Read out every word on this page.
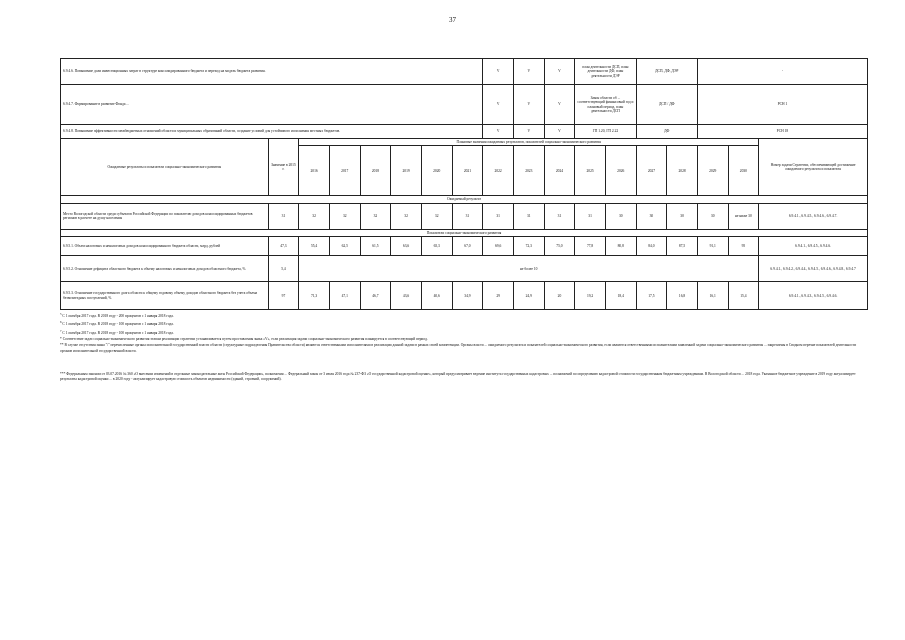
37
6.9.4.6. Повышение доли инвестиционных затрат в структуре консолидированного бюджета и переход на модель бюджета развития.								V	V	V	план деятельности ДСП, план деятельности ДФ, план деятельности ДЭР		ДСП, ДФ, ДЭР		-		
6.9.4.7. Формирование в развитие Фонда ...								V	V	V	Закон области об ... соответствующий финансовый год и плановый период, план деятельности ДСП		ДСП / ДФ		РСН 1		
6.9.4.8. Повышение эффективности межбюджетных отношений области и муниципальных образований области, создание условий для устойчивого исполнения местных бюджетов.								V	V	V	ГП 1.20, ГП 2.22		ДФ		РСН 18		
Ожидаемые результаты и показатели социально-экономического развития	Значение в 2015 г.	Плановые значения ожидаемых результатов, показателей социально-экономического развития															Номер задачи Стратегии, обеспечивающей достижение ожидаемого результата и показателя
		2016	2017	2018	2019	2020	2021	2022	2023	2024	2025	2026	2027	2028	2029	2030	
Ожидаемый результат																	
Место Вологодской области среди субъектов Российской Федерации по показателю доходов консолидированных бюджетов регионов в расчете на душу населения	31	32	32	32	32	32	31	31	31	31	31	30	30	30	30	не ниже 30	6.9.4.1., 6.9.4.5., 6.9.4.6., 6.9.4.7.
Показатели социально-экономического развития																	
6.9.5.1. Объем налоговых и неналоговых доходов консолидированного бюджета области, млрд. рублей	47,3	55,4	62,5	61,5	63,6	65,3	67,0	69,6	72,3	75,0	77,8	80,8	84,0	87,5	91,1	95	6.9.4.1., 6.9.4.5., 6.9.4.6.
6.9.5.2. Отношение дефицита областного бюджета к объему налоговых и неналоговых доходов областного бюджета, %	5,4	не более 10															6.9.4.1., 6.9.4.2., 6.9.4.4., 6.9.4.5., 6.9.4.6., 6.9.4.8., 6.9.4.7
6.9.5.3. Отношение государственного долга области к общему годовому объему доходов областного бюджета без учета объема безвозмездных поступлений, %	97	71,3	47,1	46,7	43,6	40,6	34,9	29	24,9	20	19,2	18,4	17,5	16,8	16,1	15,4	6.9.4.1., 6.9.4.3., 6.9.4.5., 6.9.4.6.

$^5$ С 1 октября 2017 года. В 2018 году - 200 процентов с 1 января 2018 года.

$^6$ С 1 октября 2017 года. В 2018 году - 100 процентов с 1 января 2018 года.

$^7$ С 1 октября 2017 года. В 2018 году - 100 процентов с 1 января 2018 года.

* Соответствие задач социально-экономического развития этапам реализации стратегии устанавливается путем проставления знака «V», если реализация задачи социально-экономического развития планируется в соответствующий период.

** В случае отсутствия знака "/" перечисленные органы исполнительной государственной власти области (структурные подразделения Правительства области) являются ответственными исполнителями в реализации данной задачи в рамках своей компетенции. Органы власти ... ожидаемого результата и показателей социально-экономического развития, если являются ответственными исполнителями заявленной задачи социально-экономического развития ... закреплены в Сводном перечне показателей деятельности органов исполнительной государственной власти.

*** Федеральным законом от 03.07.2016 № 360 «О внесении изменений в отдельные законодательные акты Российской Федерации», полномочия ... Федеральный закон от 3 июля 2016 года № 237-ФЗ «О государственной кадастровой оценке», который предусматривает ведение института государственных кадастровых ... полномочий по определению кадастровой стоимости государственным бюджетным учреждениям. В Вологодской области ... 2018 года. Указанное бюджетное учреждение в 2019 году актуализирует результаты кадастровой оценки ... в 2020 году - актуализирует кадастровую стоимость объектов недвижимости (зданий, строений, сооружений).
